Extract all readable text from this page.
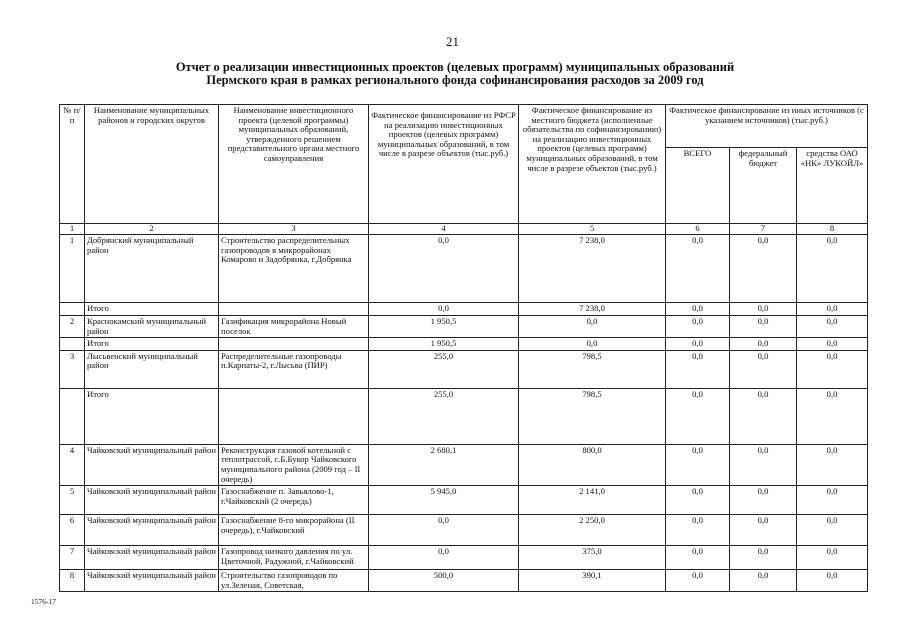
21
Отчет о реализации инвестиционных проектов (целевых программ) муниципальных образований
Пермского края в рамках регионального фонда софинансирования расходов за 2009 год
№ п/п	Наименование муниципальных районов и городских округов	Наименование инвестиционного проекта (целевой программы) муниципальных образований, утвержденного решением представительного органа местного самоуправления	Фактическое финансирование из РФСР на реализацию инвестиционных проектов (целевых программ) муниципальных образований, в том числе в разрезе объектов (тыс.руб.)	Фактическое финансирование из местного бюджета (исполненные обязательства по софинансированию) на реализацию инвестиционных проектов (целевых программ) муниципальных образований, в том числе в разрезе объектов (тыс.руб.)	Фактическое финансирование из иных источников (с указанием источников) (тыс.руб.)		
					ВСЕГО	федеральный бюджет	средства ОАО «НК» ЛУКОЙЛ»
1	2	3	4	5	6	7	8
1	Добрянский муниципальный район	Строительство распределительных газопроводов в микрорайонах Комарово и Задобрянка, г.Добрянка	0,0	7 238,0	0,0	0,0	0,0
	Итого		0,0	7 238,0	0,0	0,0	0,0
2	Краснокамский муниципальный район	Газификация микрорайона Новый поселок	1 950,5	0,0	0,0	0,0	0,0
	Итого		1 950,5	0,0	0,0	0,0	0,0
3	Лысьвенский муниципальный район	Распределительные газопроводы п.Карпаты-2, г.Лысьва (ПИР)	255,0	798,5	0,0	0,0	0,0
	Итого		255,0	798,5	0,0	0,0	0,0
4	Чайковский муниципальный район	Реконструкция газовой котельной с теплотрассой, с.Б.Букор Чайковского муниципального района (2009 год – II очередь)	2 680,1	800,0	0,0	0,0	0,0
5	Чайковский муниципальный район	Газоснабжение п. Завьялово-1, г.Чайковский (2 очередь)	5 945,0	2 141,0	0,0	0,0	0,0
6	Чайковский муниципальный район	Газоснабжение 8-го микрорайона (II очередь), г.Чайковский	0,0	2 250,0	0,0	0,0	0,0
7	Чайковский муниципальный район	Газопровод низкого давления по ул. Цветочной, Радужной, г.Чайковский	0,0	375,0	0,0	0,0	0,0
8	Чайковский муниципальный район	Строительство газопроводов по ул.Зеленая, Советская,	500,0	390,1	0,0	0,0	0,0
1576-17
